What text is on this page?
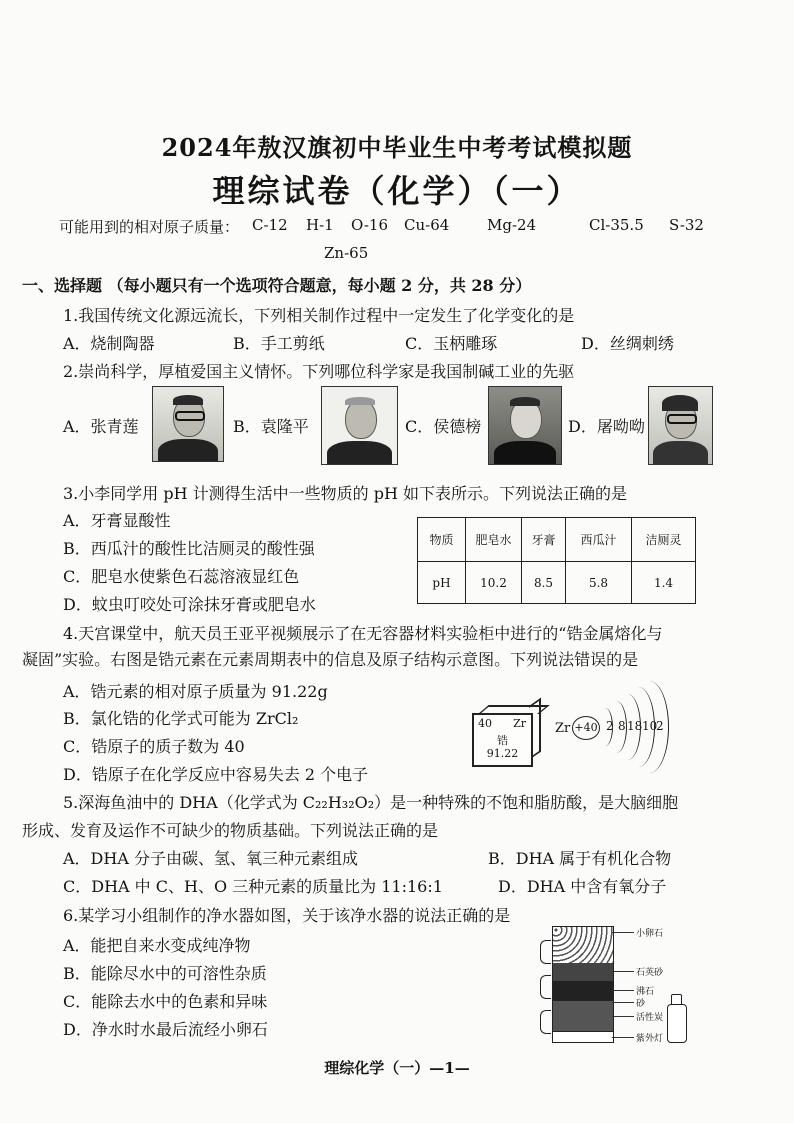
2024年敖汉旗初中毕业生中考考试模拟题
理综试卷（化学）（一）
可能用到的相对原子质量： C-12 H-1 O-16 Cu-64	Mg-24	Cl-35.5 S-32
Zn-65
一、选择题 （每小题只有一个选项符合题意，每小题 2 分，共 28 分）
1.我国传统文化源远流长，下列相关制作过程中一定发生了化学变化的是
A．烧制陶器	B．手工剪纸	C．玉柄雕琢	D．丝绸刺绣
2.崇尚科学，厚植爱国主义情怀。下列哪位科学家是我国制碱工业的先驱
A．张青莲	B．袁隆平	C．侯德榜	D．屠呦呦
3.小李同学用 pH 计测得生活中一些物质的 pH 如下表所示。下列说法正确的是
A．牙膏显酸性
B．西瓜汁的酸性比洁厕灵的酸性强
C．肥皂水使紫色石蕊溶液显红色
D．蚊虫叮咬处可涂抹牙膏或肥皂水
物质	肥皂水	牙膏	西瓜汁	洁厕灵
pH	10.2	8.5	5.8	1.4
4.天宫课堂中，航天员王亚平视频展示了在无容器材料实验柜中进行的“锆金属熔化与
凝固”实验。右图是锆元素在元素周期表中的信息及原子结构示意图。下列说法错误的是
A．锆元素的相对原子质量为 91.22g
B．氯化锆的化学式可能为 ZrCl₂
C．锆原子的质子数为 40
D．锆原子在化学反应中容易失去 2 个电子
40 Zr
锆
91.22
Zr +40 2 8 18 10
2
5.深海鱼油中的 DHA（化学式为 C₂₂H₃₂O₂）是一种特殊的不饱和脂肪酸，是大脑细胞
形成、发育及运作不可缺少的物质基础。下列说法正确的是
A．DHA 分子由碳、氢、氧三种元素组成	B．DHA 属于有机化合物
C．DHA 中 C、H、O 三种元素的质量比为 11:16:1	D．DHA 中含有氧分子
6.某学习小组制作的净水器如图，关于该净水器的说法正确的是
A．能把自来水变成纯净物
B．能除尽水中的可溶性杂质
C．能除去水中的色素和异味
D．净水时水最后流经小卵石
小卵石
石英砂
沸石
砂
活性炭
紫外灯
理综化学（一）—1—
